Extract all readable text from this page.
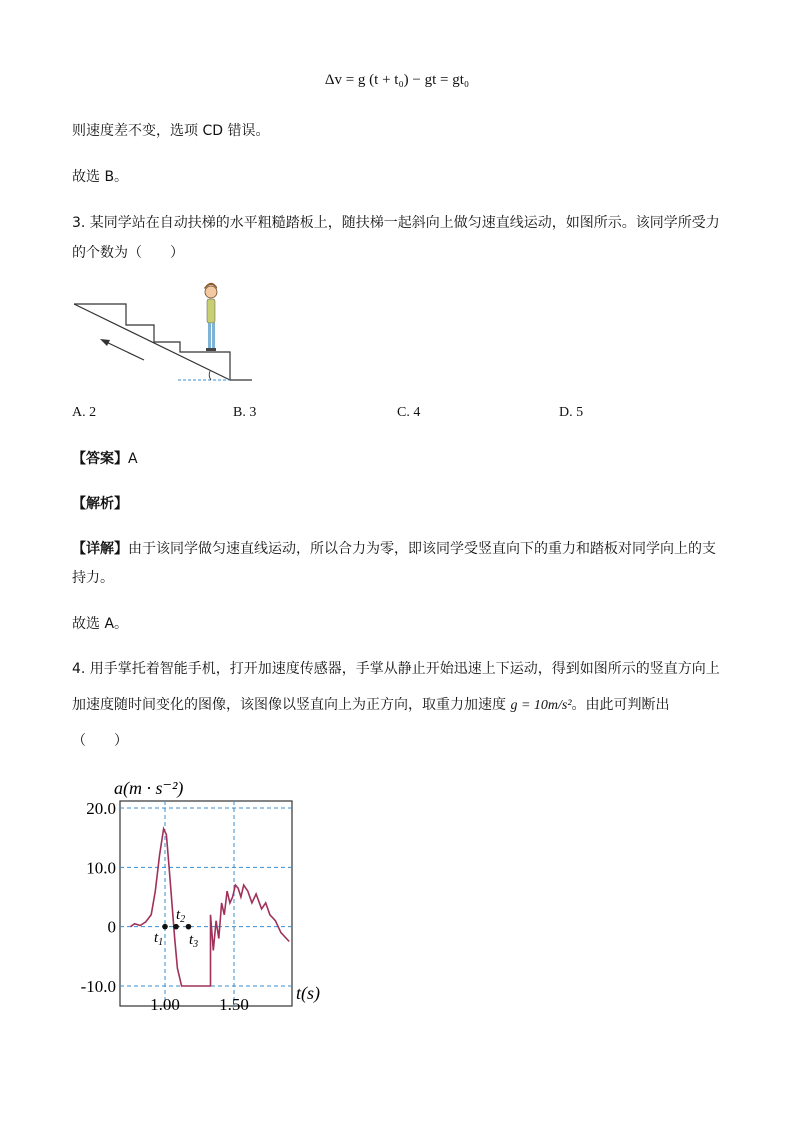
Δv = g (t + t₀) − gt = gt₀
则速度差不变，选项 CD 错误。
故选 B。
3. 某同学站在自动扶梯的水平粗糙踏板上，随扶梯一起斜向上做匀速直线运动，如图所示。该同学所受力
的个数为（　　）
A. 2	B. 3	C. 4	D. 5
【答案】A
【解析】
【详解】由于该同学做匀速直线运动，所以合力为零，即该同学受竖直向下的重力和踏板对同学向上的支
持力。
故选 A。
4. 用手掌托着智能手机，打开加速度传感器，手掌从静止开始迅速上下运动，得到如图所示的竖直方向上
加速度随时间变化的图像，该图像以竖直向上为正方向，取重力加速度 g = 10m/s²。由此可判断出
（　　）
a(m · s⁻²)
20.0
10.0
0
-10.0
1.00 1.50
t(s)
$t_1$
$t_2$
$t_3$
